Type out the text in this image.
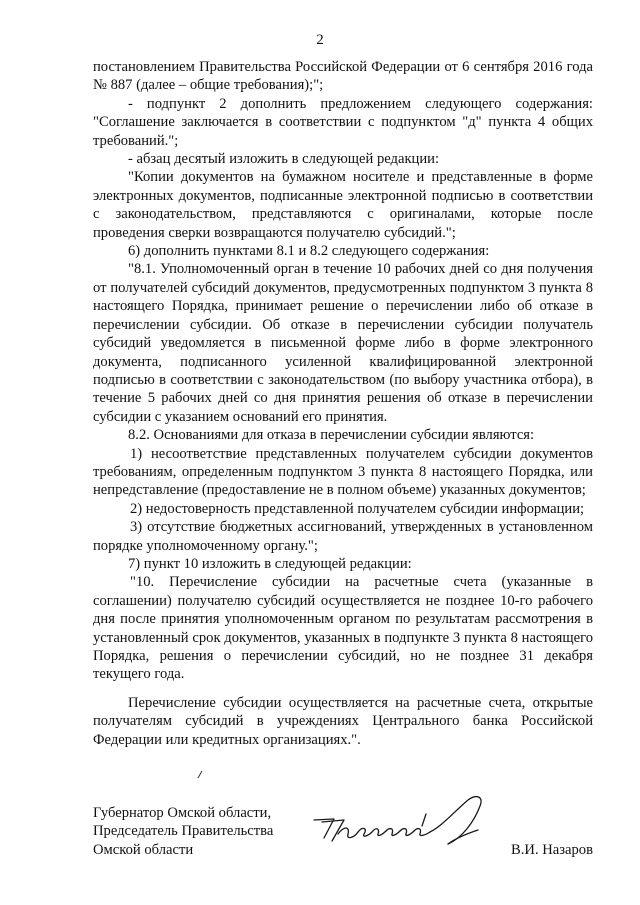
2

постановлением Правительства Российской Федерации от 6 сентября 2016 года № 887 (далее – общие требования);";

- подпункт 2 дополнить предложением следующего содержания: "Соглашение заключается в соответствии с подпунктом "д" пункта 4 общих требований.";

- абзац десятый изложить в следующей редакции:

"Копии документов на бумажном носителе и представленные в форме электронных документов, подписанные электронной подписью в соответствии с законодательством, представляются с оригиналами, которые после проведения сверки возвращаются получателю субсидий.";

6) дополнить пунктами 8.1 и 8.2 следующего содержания:

"8.1. Уполномоченный орган в течение 10 рабочих дней со дня получения от получателей субсидий документов, предусмотренных подпунктом 3 пункта 8 настоящего Порядка, принимает решение о перечислении либо об отказе в перечислении субсидии. Об отказе в перечислении субсидии получатель субсидий уведомляется в письменной форме либо в форме электронного документа, подписанного усиленной квалифицированной электронной подписью в соответствии с законодательством (по выбору участника отбора), в течение 5 рабочих дней со дня принятия решения об отказе в перечислении субсидии с указанием оснований его принятия.

8.2. Основаниями для отказа в перечислении субсидии являются:

1) несоответствие представленных получателем субсидии документов требованиям, определенным подпунктом 3 пункта 8 настоящего Порядка, или непредставление (предоставление не в полном объеме) указанных документов;

2) недостоверность представленной получателем субсидии информации;

3) отсутствие бюджетных ассигнований, утвержденных в установленном порядке уполномоченному органу.";

7) пункт 10 изложить в следующей редакции:

"10. Перечисление субсидии на расчетные счета (указанные в соглашении) получателю субсидий осуществляется не позднее 10-го рабочего дня после принятия уполномоченным органом по результатам рассмотрения в установленный срок документов, указанных в подпункте 3 пункта 8 настоящего Порядка, решения о перечислении субсидий, но не позднее 31 декабря текущего года.

Перечисление субсидии осуществляется на расчетные счета, открытые получателям субсидий в учреждениях Центрального банка Российской Федерации или кредитных организациях.".

Губернатор Омской области,
Председатель Правительства
Омской области	В.И. Назаров
